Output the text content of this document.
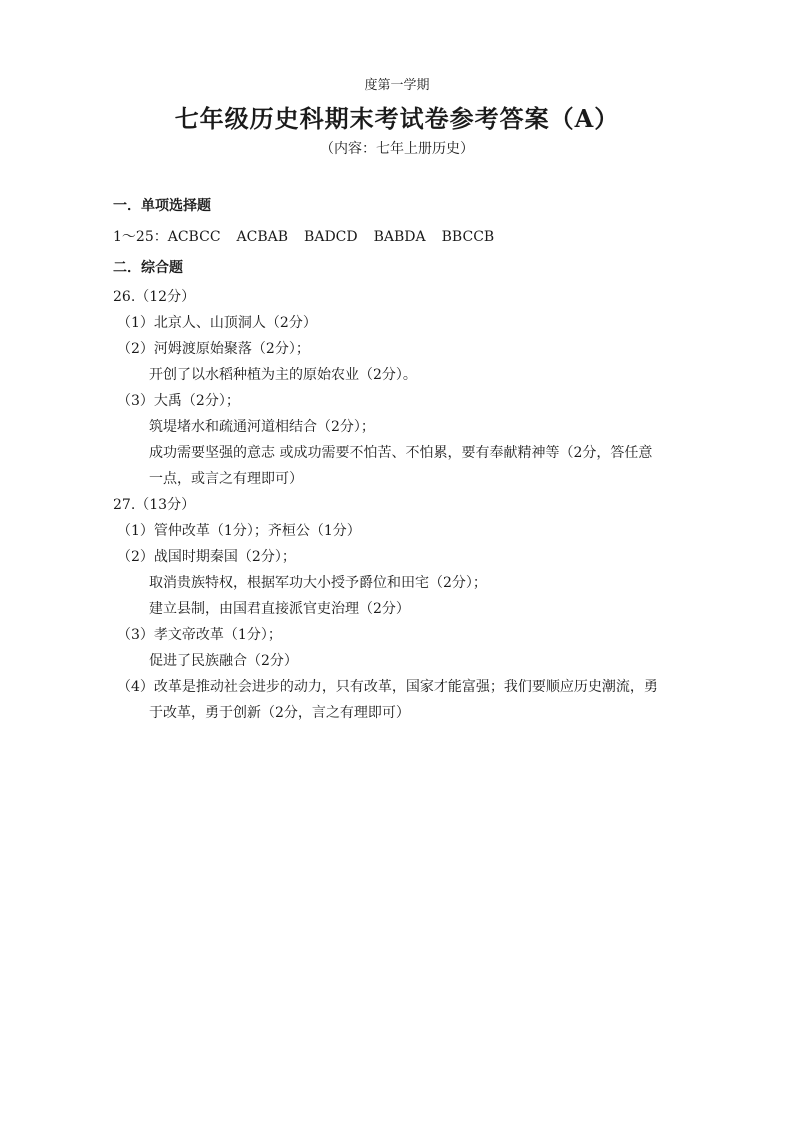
度第一学期
七年级历史科期末考试卷参考答案（A）
（内容：七年上册历史）
一．单项选择题
1～25：ACBCC ACBAB BADCD BABDA BBCCB
二．综合题
26.（12分）
（1）北京人、山顶洞人（2分）
（2）河姆渡原始聚落（2分）；
开创了以水稻种植为主的原始农业（2分）。
（3）大禹（2分）；
筑堤堵水和疏通河道相结合（2分）；
成功需要坚强的意志 或成功需要不怕苦、不怕累，要有奉献精神等（2分，答任意
一点，或言之有理即可）
27.（13分）
（1）管仲改革（1分）；齐桓公（1分）
（2）战国时期秦国（2分）；
取消贵族特权，根据军功大小授予爵位和田宅（2分）；
建立县制，由国君直接派官吏治理（2分）
（3）孝文帝改革（1分）；
促进了民族融合（2分）
（4）改革是推动社会进步的动力，只有改革，国家才能富强；我们要顺应历史潮流，勇
于改革，勇于创新（2分，言之有理即可）
